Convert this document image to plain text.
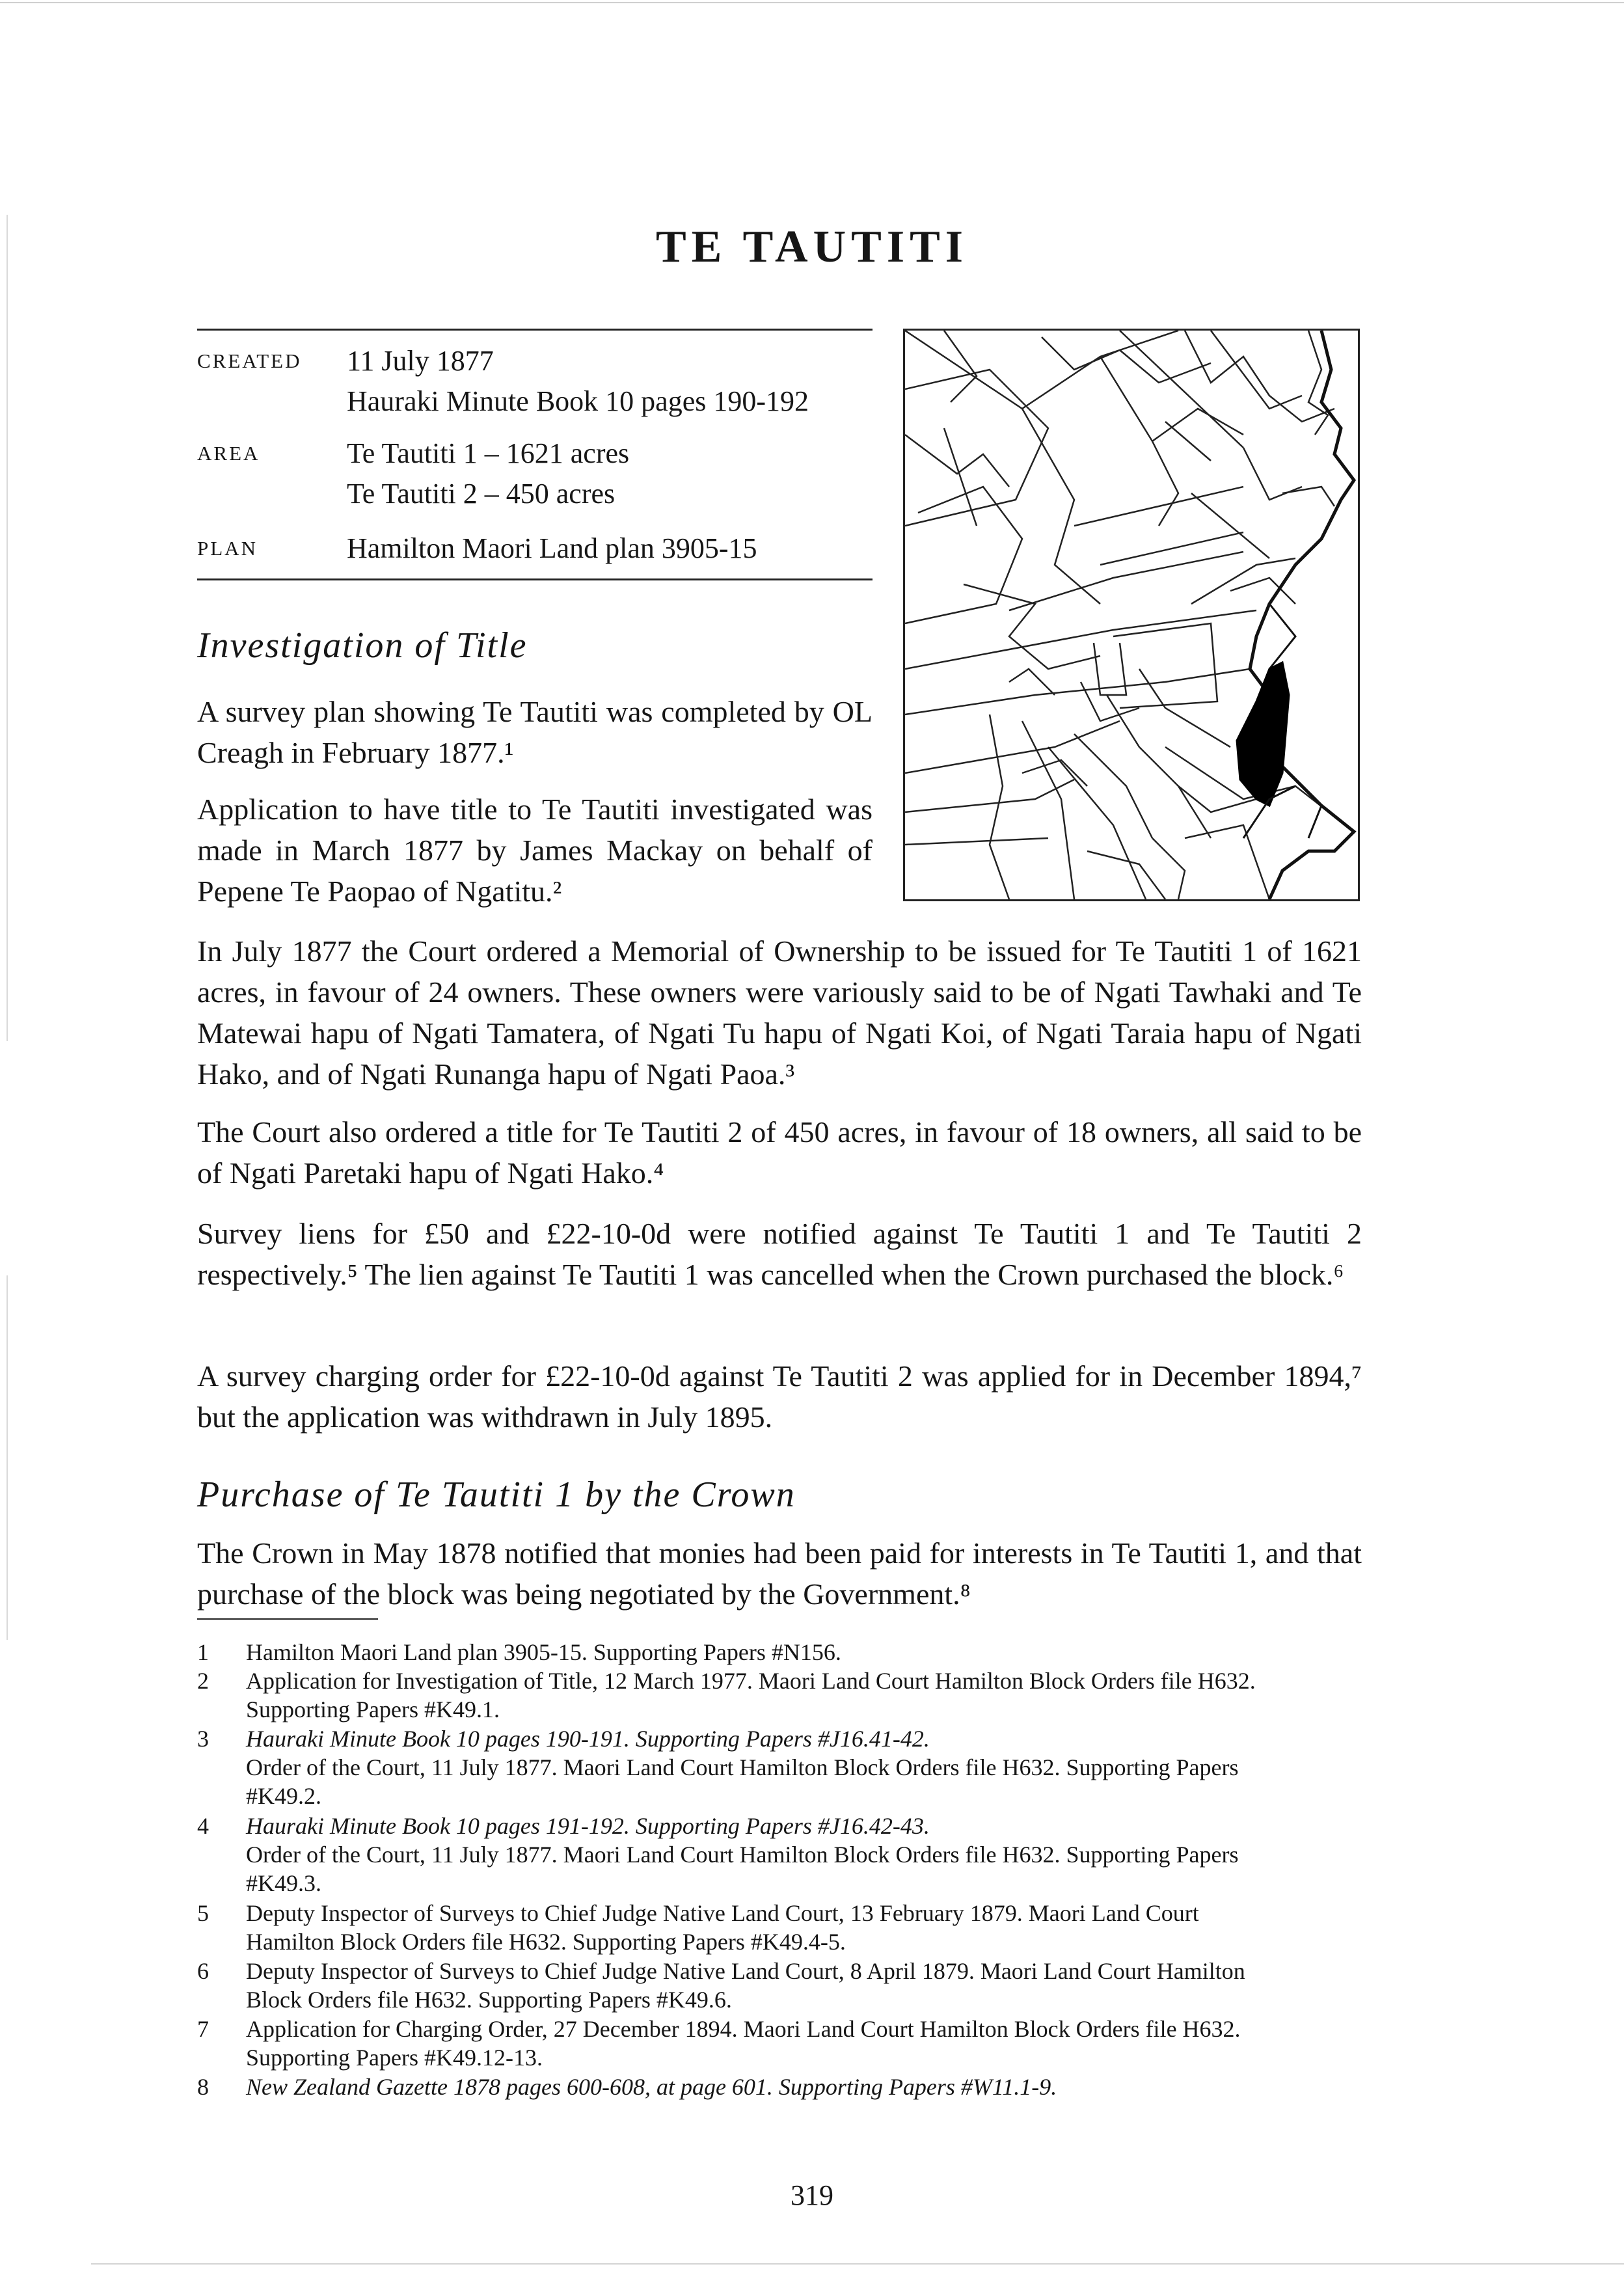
TE TAUTITI
CREATED 11 July 1877
Hauraki Minute Book 10 pages 190-192
AREA	Te Tautiti 1 – 1621 acres
Te Tautiti 2 – 450 acres
PLAN	Hamilton Maori Land plan 3905-15
Investigation of Title

A survey plan showing Te Tautiti was completed by OL Creagh in February 1877.¹

Application to have title to Te Tautiti investigated was made in March 1877 by James Mackay on behalf of Pepene Te Paopao of Ngatitu.²

In July 1877 the Court ordered a Memorial of Ownership to be issued for Te Tautiti 1 of 1621 acres, in favour of 24 owners. These owners were variously said to be of Ngati Tawhaki and Te Matewai hapu of Ngati Tamatera, of Ngati Tu hapu of Ngati Koi, of Ngati Taraia hapu of Ngati Hako, and of Ngati Runanga hapu of Ngati Paoa.³

The Court also ordered a title for Te Tautiti 2 of 450 acres, in favour of 18 owners, all said to be of Ngati Paretaki hapu of Ngati Hako.⁴

Survey liens for £50 and £22-10-0d were notified against Te Tautiti 1 and Te Tautiti 2 respectively.⁵ The lien against Te Tautiti 1 was cancelled when the Crown purchased the block.⁶

A survey charging order for £22-10-0d against Te Tautiti 2 was applied for in December 1894,⁷ but the application was withdrawn in July 1895.

Purchase of Te Tautiti 1 by the Crown

The Crown in May 1878 notified that monies had been paid for interests in Te Tautiti 1, and that purchase of the block was being negotiated by the Government.⁸

1	Hamilton Maori Land plan 3905-15. Supporting Papers #N156.
2	Application for Investigation of Title, 12 March 1977. Maori Land Court Hamilton Block Orders file H632.
Supporting Papers #K49.1.
3	Hauraki Minute Book 10 pages 190-191. Supporting Papers #J16.41-42.
Order of the Court, 11 July 1877. Maori Land Court Hamilton Block Orders file H632. Supporting Papers
#K49.2.
4	Hauraki Minute Book 10 pages 191-192. Supporting Papers #J16.42-43.
Order of the Court, 11 July 1877. Maori Land Court Hamilton Block Orders file H632. Supporting Papers
#K49.3.
5	Deputy Inspector of Surveys to Chief Judge Native Land Court, 13 February 1879. Maori Land Court
Hamilton Block Orders file H632. Supporting Papers #K49.4-5.
6	Deputy Inspector of Surveys to Chief Judge Native Land Court, 8 April 1879. Maori Land Court Hamilton
Block Orders file H632. Supporting Papers #K49.6.
7	Application for Charging Order, 27 December 1894. Maori Land Court Hamilton Block Orders file H632.
Supporting Papers #K49.12-13.
8	New Zealand Gazette 1878 pages 600-608, at page 601. Supporting Papers #W11.1-9.
319
